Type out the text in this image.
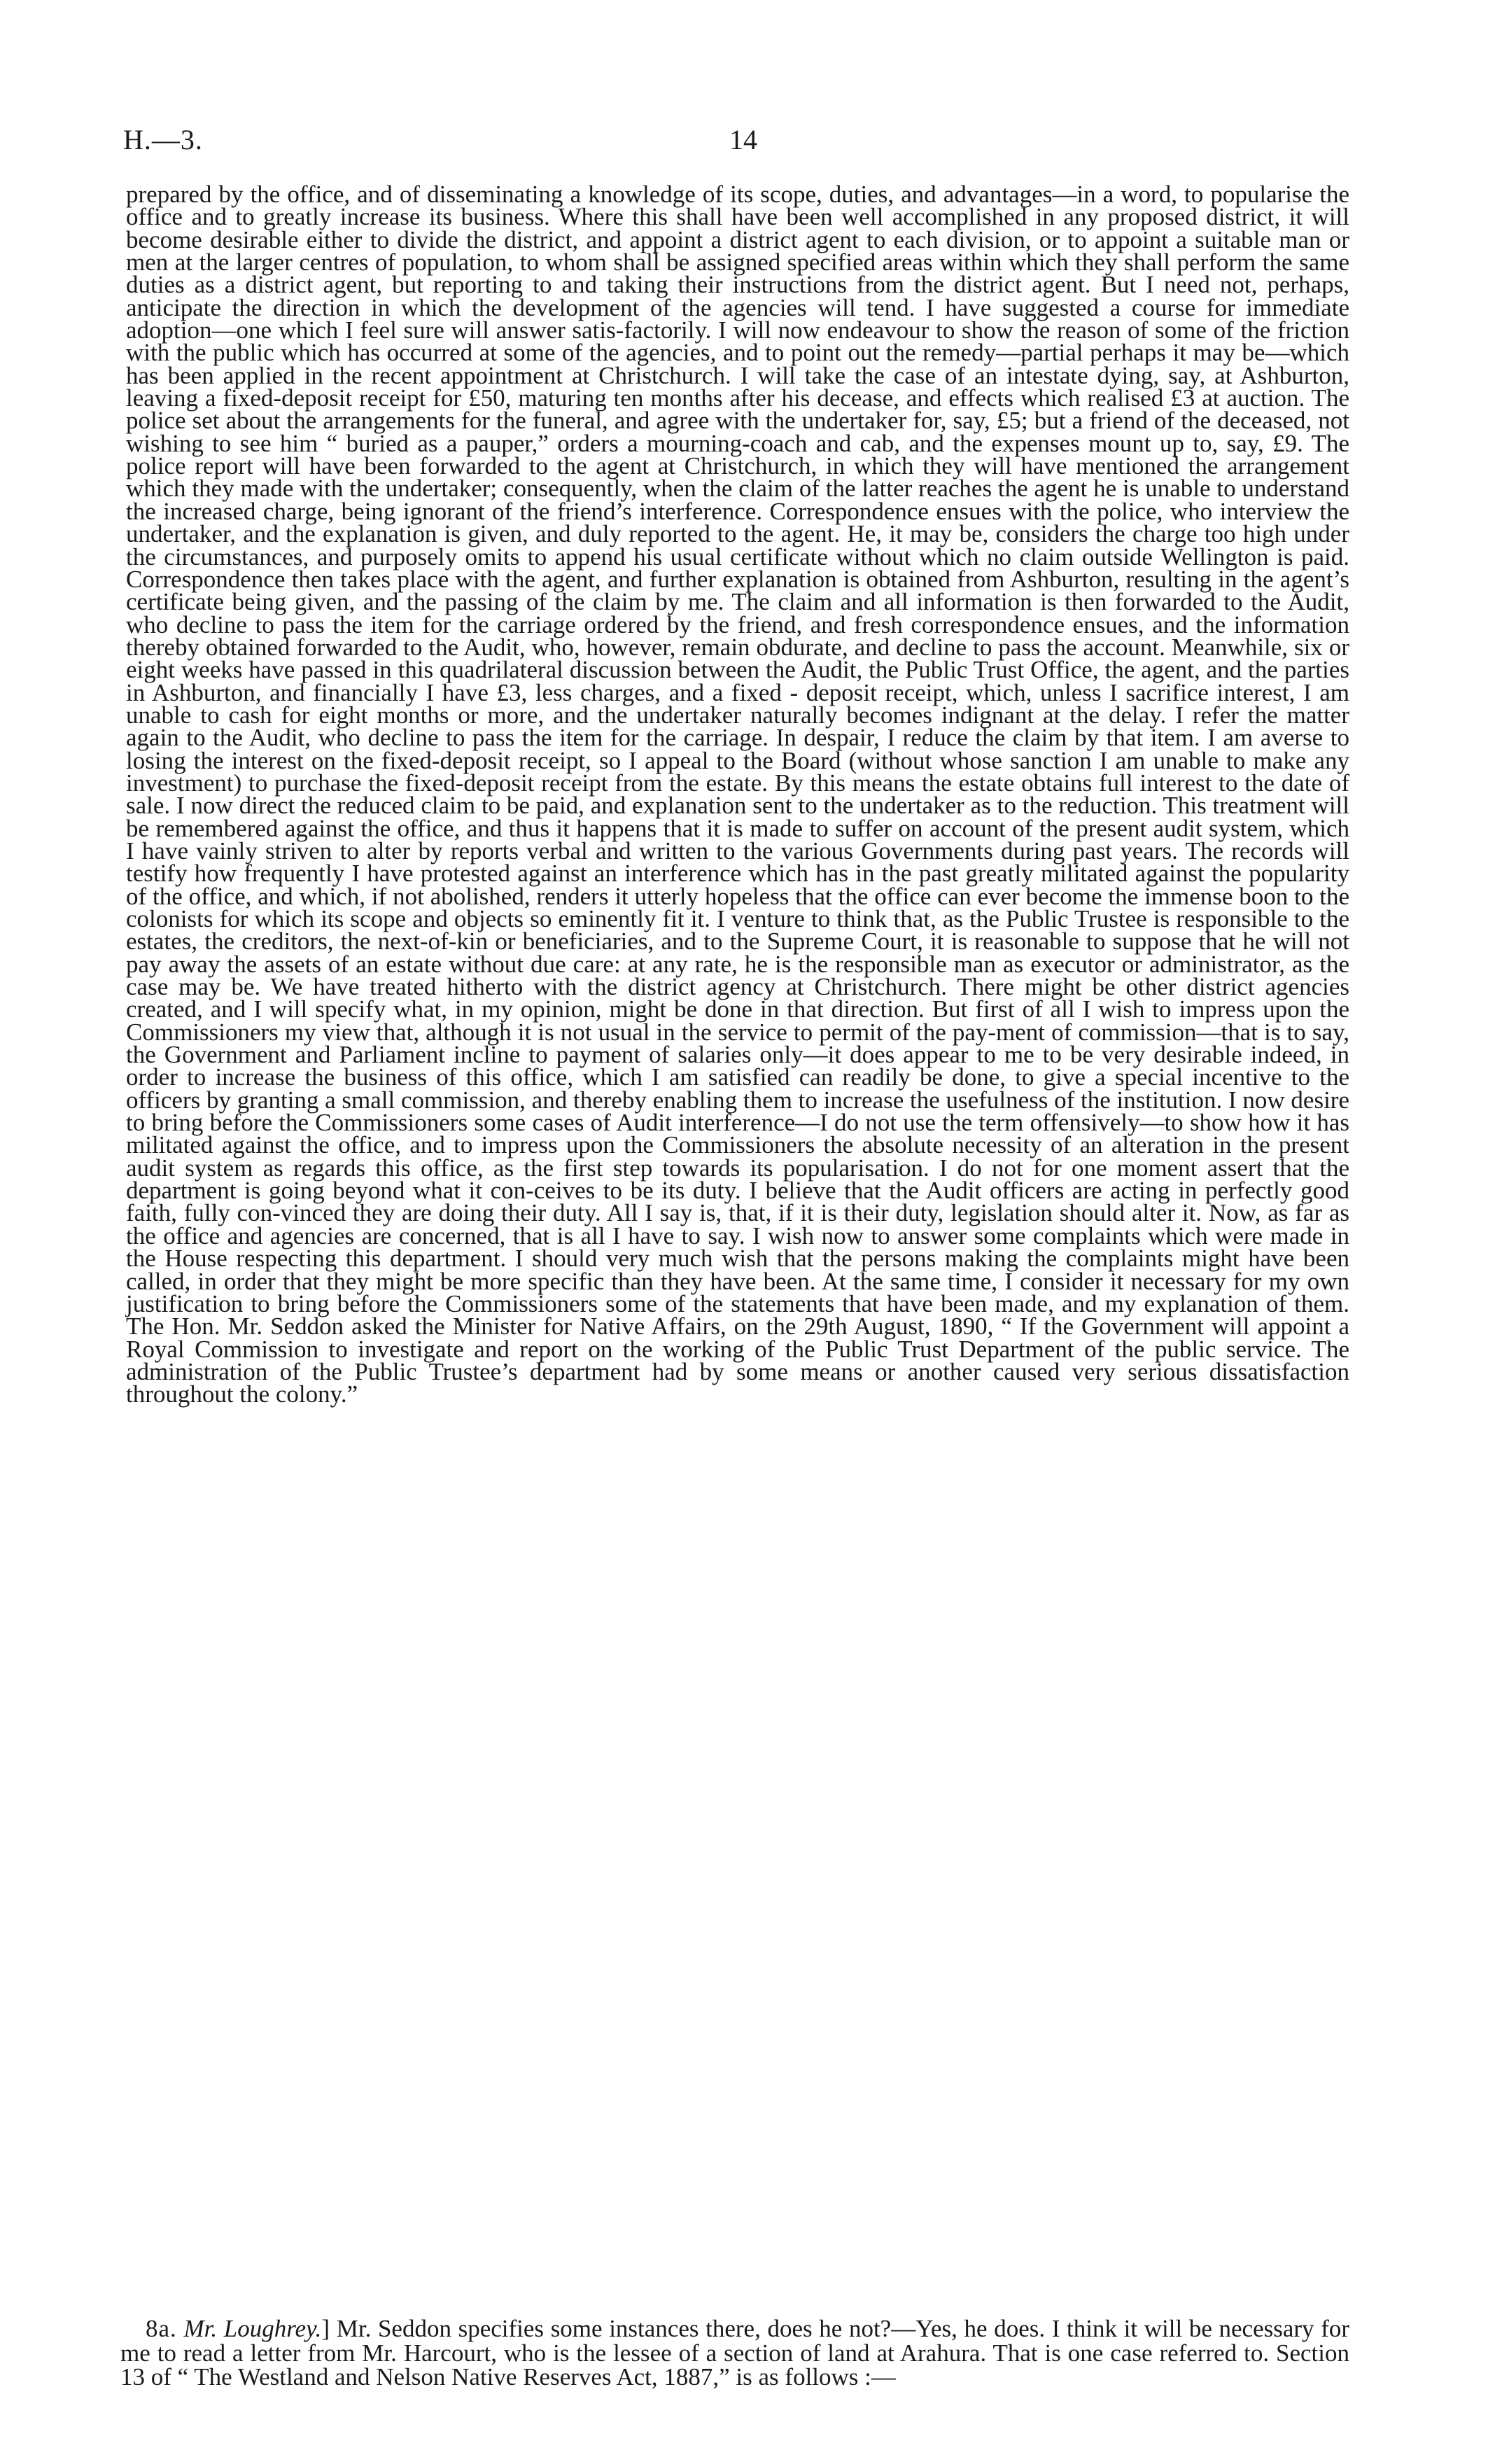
H.—3.	14

prepared by the office, and of disseminating a knowledge of its scope, duties, and advantages—in a word, to popularise the office and to greatly increase its business. Where this shall have been well accomplished in any proposed district, it will become desirable either to divide the district, and appoint a district agent to each division, or to appoint a suitable man or men at the larger centres of population, to whom shall be assigned specified areas within which they shall perform the same duties as a district agent, but reporting to and taking their instructions from the district agent. But I need not, perhaps, anticipate the direction in which the development of the agencies will tend. I have suggested a course for immediate adoption—one which I feel sure will answer satis-factorily. I will now endeavour to show the reason of some of the friction with the public which has occurred at some of the agencies, and to point out the remedy—partial perhaps it may be—which has been applied in the recent appointment at Christchurch. I will take the case of an intestate dying, say, at Ashburton, leaving a fixed-deposit receipt for £50, maturing ten months after his decease, and effects which realised £3 at auction. The police set about the arrangements for the funeral, and agree with the undertaker for, say, £5; but a friend of the deceased, not wishing to see him “ buried as a pauper,” orders a mourning-coach and cab, and the expenses mount up to, say, £9. The police report will have been forwarded to the agent at Christchurch, in which they will have mentioned the arrangement which they made with the undertaker; consequently, when the claim of the latter reaches the agent he is unable to understand the increased charge, being ignorant of the friend’s interference. Correspondence ensues with the police, who interview the undertaker, and the explanation is given, and duly reported to the agent. He, it may be, considers the charge too high under the circumstances, and purposely omits to append his usual certificate without which no claim outside Wellington is paid. Correspondence then takes place with the agent, and further explanation is obtained from Ashburton, resulting in the agent’s certificate being given, and the passing of the claim by me. The claim and all information is then forwarded to the Audit, who decline to pass the item for the carriage ordered by the friend, and fresh correspondence ensues, and the information thereby obtained forwarded to the Audit, who, however, remain obdurate, and decline to pass the account. Meanwhile, six or eight weeks have passed in this quadrilateral discussion between the Audit, the Public Trust Office, the agent, and the parties in Ashburton, and financially I have £3, less charges, and a fixed - deposit receipt, which, unless I sacrifice interest, I am unable to cash for eight months or more, and the undertaker naturally becomes indignant at the delay. I refer the matter again to the Audit, who decline to pass the item for the carriage. In despair, I reduce the claim by that item. I am averse to losing the interest on the fixed-deposit receipt, so I appeal to the Board (without whose sanction I am unable to make any investment) to purchase the fixed-deposit receipt from the estate. By this means the estate obtains full interest to the date of sale. I now direct the reduced claim to be paid, and explanation sent to the undertaker as to the reduction. This treatment will be remembered against the office, and thus it happens that it is made to suffer on account of the present audit system, which I have vainly striven to alter by reports verbal and written to the various Governments during past years. The records will testify how frequently I have protested against an interference which has in the past greatly militated against the popularity of the office, and which, if not abolished, renders it utterly hopeless that the office can ever become the immense boon to the colonists for which its scope and objects so eminently fit it. I venture to think that, as the Public Trustee is responsible to the estates, the creditors, the next-of-kin or beneficiaries, and to the Supreme Court, it is reasonable to suppose that he will not pay away the assets of an estate without due care: at any rate, he is the responsible man as executor or administrator, as the case may be. We have treated hitherto with the district agency at Christchurch. There might be other district agencies created, and I will specify what, in my opinion, might be done in that direction. But first of all I wish to impress upon the Commissioners my view that, although it is not usual in the service to permit of the pay-ment of commission—that is to say, the Government and Parliament incline to payment of salaries only—it does appear to me to be very desirable indeed, in order to increase the business of this office, which I am satisfied can readily be done, to give a special incentive to the officers by granting a small commission, and thereby enabling them to increase the usefulness of the institution. I now desire to bring before the Commissioners some cases of Audit interference—I do not use the term offensively—to show how it has militated against the office, and to impress upon the Commissioners the absolute necessity of an alteration in the present audit system as regards this office, as the first step towards its popularisation. I do not for one moment assert that the department is going beyond what it con-ceives to be its duty. I believe that the Audit officers are acting in perfectly good faith, fully con-vinced they are doing their duty. All I say is, that, if it is their duty, legislation should alter it. Now, as far as the office and agencies are concerned, that is all I have to say. I wish now to answer some complaints which were made in the House respecting this department. I should very much wish that the persons making the complaints might have been called, in order that they might be more specific than they have been. At the same time, I consider it necessary for my own justification to bring before the Commissioners some of the statements that have been made, and my explanation of them. The Hon. Mr. Seddon asked the Minister for Native Affairs, on the 29th August, 1890, “ If the Government will appoint a Royal Commission to investigate and report on the working of the Public Trust Department of the public service. The administration of the Public Trustee’s department had by some means or another caused very serious dissatisfaction throughout the colony.”

8a. Mr. Loughrey.] Mr. Seddon specifies some instances there, does he not?—Yes, he does. I think it will be necessary for me to read a letter from Mr. Harcourt, who is the lessee of a section of land at Arahura. That is one case referred to. Section 13 of “ The Westland and Nelson Native Reserves Act, 1887,” is as follows :—
